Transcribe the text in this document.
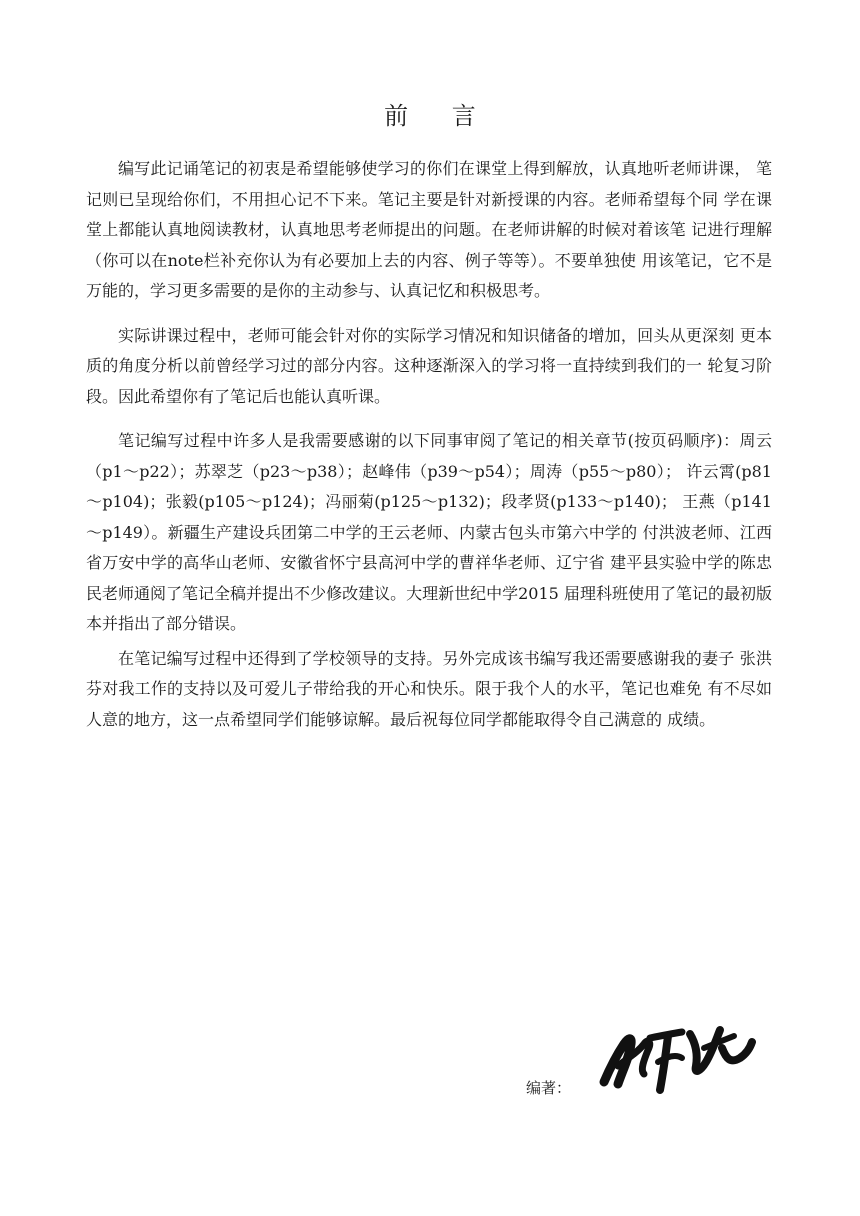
前 言

编写此记诵笔记的初衷是希望能够使学习的你们在课堂上得到解放，认真地听老师讲课， 笔记则已呈现给你们，不用担心记不下来。笔记主要是针对新授课的内容。老师希望每个同 学在课堂上都能认真地阅读教材，认真地思考老师提出的问题。在老师讲解的时候对着该笔 记进行理解（你可以在note栏补充你认为有必要加上去的内容、例子等等）。不要单独使 用该笔记，它不是万能的，学习更多需要的是你的主动参与、认真记忆和积极思考。

实际讲课过程中，老师可能会针对你的实际学习情况和知识储备的增加，回头从更深刻 更本质的角度分析以前曾经学习过的部分内容。这种逐渐深入的学习将一直持续到我们的一 轮复习阶段。因此希望你有了笔记后也能认真听课。

笔记编写过程中许多人是我需要感谢的以下同事审阅了笔记的相关章节(按页码顺序)：周云（p1～p22）；苏翠芝（p23～p38）；赵峰伟（p39～p54）；周涛（p55～p80）； 许云霄(p81～p104)；张毅(p105～p124)；冯丽菊(p125～p132)；段孝贤(p133～p140)； 王燕（p141～p149）。新疆生产建设兵团第二中学的王云老师、内蒙古包头市第六中学的 付洪波老师、江西省万安中学的高华山老师、安徽省怀宁县高河中学的曹祥华老师、辽宁省 建平县实验中学的陈忠民老师通阅了笔记全稿并提出不少修改建议。大理新世纪中学2015 届理科班使用了笔记的最初版本并指出了部分错误。

在笔记编写过程中还得到了学校领导的支持。另外完成该书编写我还需要感谢我的妻子 张洪芬对我工作的支持以及可爱儿子带给我的开心和快乐。限于我个人的水平，笔记也难免 有不尽如人意的地方，这一点希望同学们能够谅解。最后祝每位同学都能取得令自己满意的 成绩。

编著：
